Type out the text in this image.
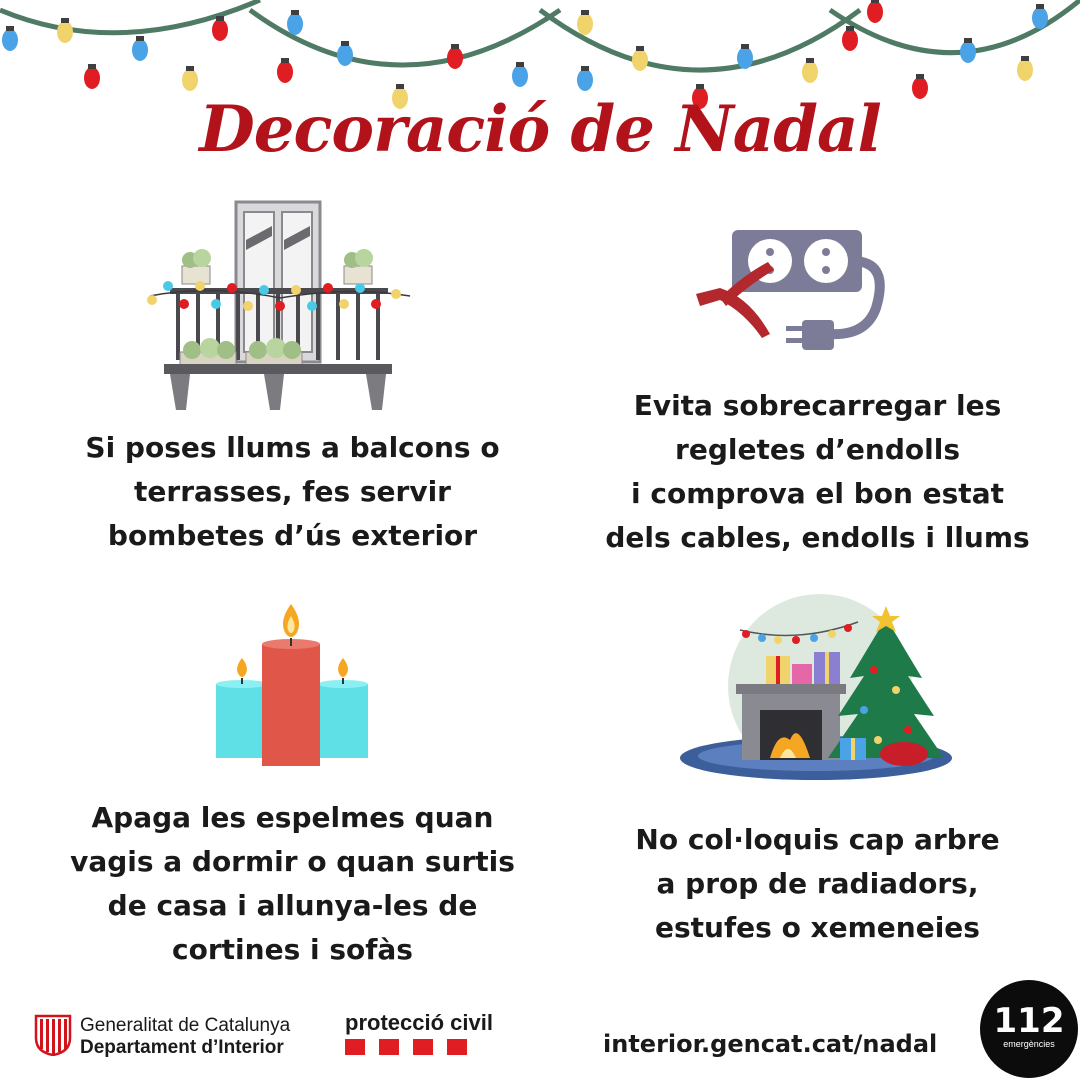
Decoració de Nadal
Si poses llums a balcons o
terrasses, fes servir
bombetes d’ús exterior
Evita sobrecarregar les
regletes d’endolls
i comprova el bon estat
dels cables, endolls i llums
Apaga les espelmes quan
vagis a dormir o quan surtis
de casa i allunya-les de
cortines i sofàs
No col·loquis cap arbre
a prop de radiadors,
estufes o xemeneies
Generalitat de Catalunya
Departament d’Interior
protecció civil
interior.gencat.cat/nadal
112
emergències
